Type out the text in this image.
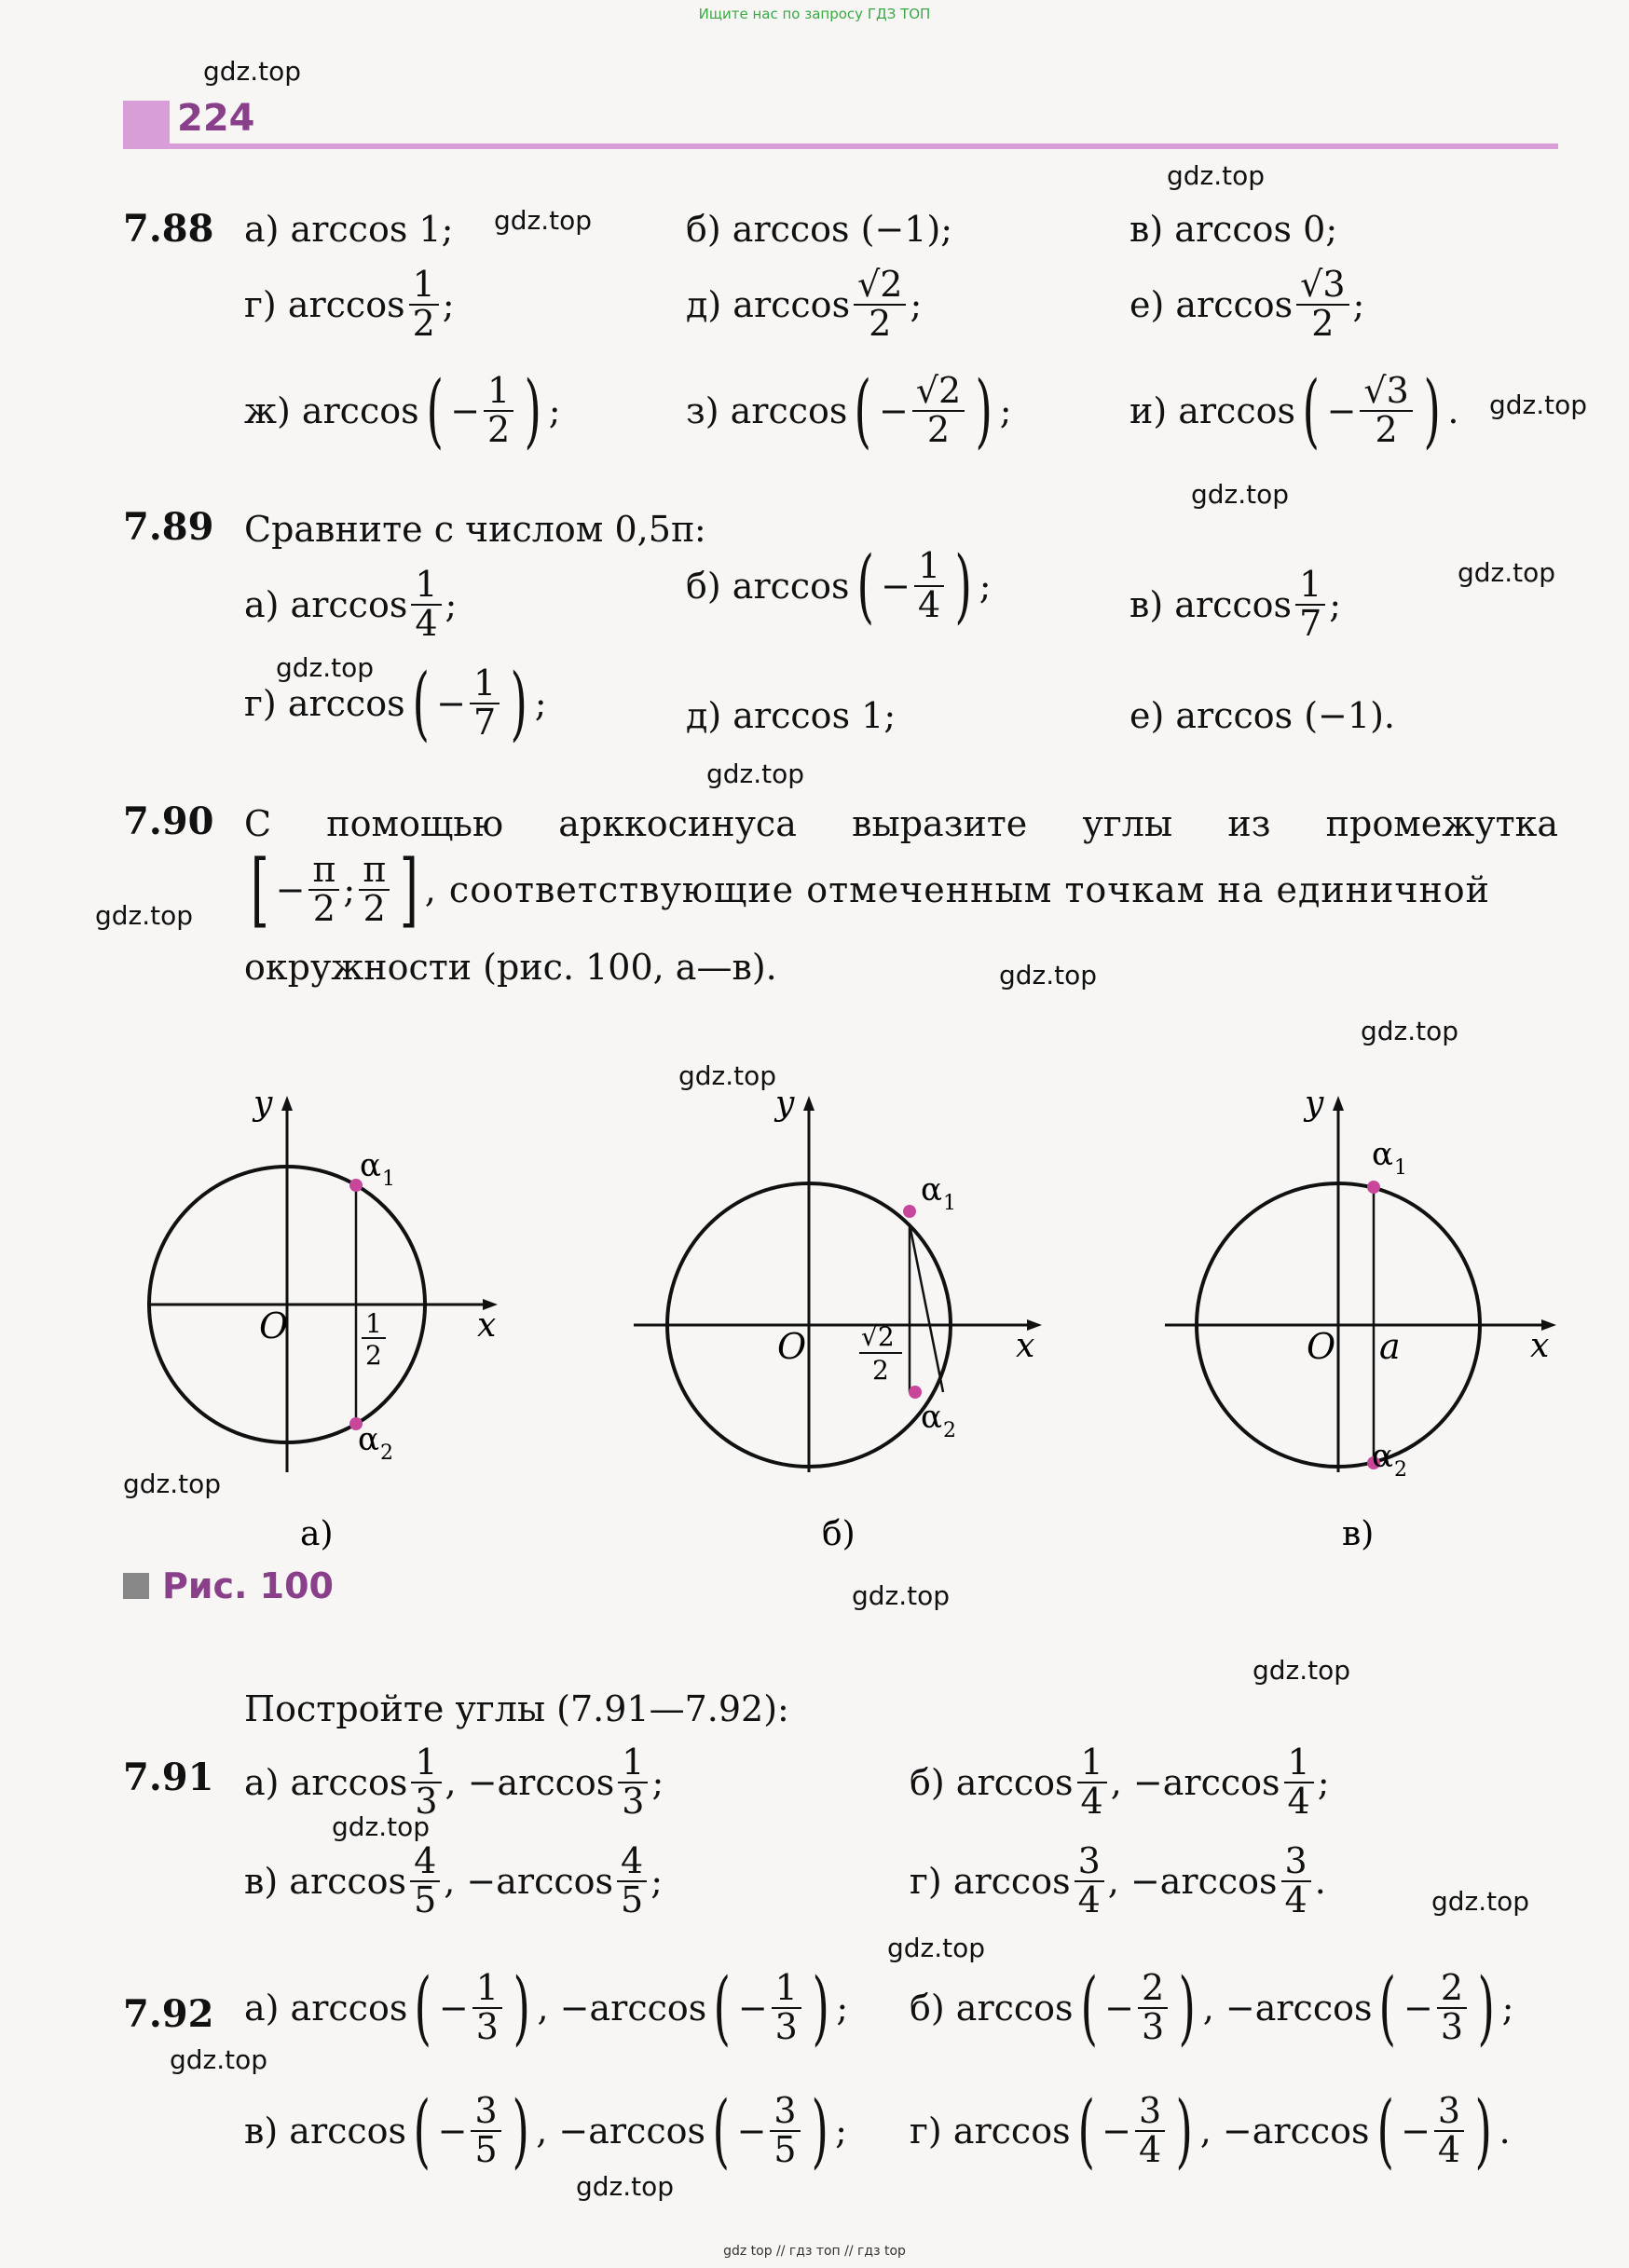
Ищите нас по запросу ГДЗ ТОП
gdz.top
gdz.top
gdz.top
gdz.top
gdz.top
gdz.top
gdz.top
gdz.top
gdz.top
gdz.top
gdz.top
gdz.top
gdz.top
gdz.top
gdz.top
gdz.top
gdz.top
gdz.top
gdz.top
gdz.top
224
7.88 а) arccos 1;	б) arccos (−1);	в) arccos 0;
г) $\arccos \frac{1}{2}$ ;	д) $\arccos \frac{√2}{2}$ ;	е) $\arccos \frac{√3}{2}$ ;
ж) arccos ( − $\frac{1}{2}$ ) ;	з) arccos ( − $\frac{√2}{2}$ ) ;	и) arccos ( − $\frac{√3}{2}$ ) .
7.89 Сравните с числом 0,5π:
а) $\arccos \frac{1}{4}$ ;	б) arccos ( − $\frac{1}{4}$ ) ;	в) $\arccos \frac{1}{7}$ ;
г) arccos ( − $\frac{1}{7}$ ) ;	д) arccos 1;	е) arccos (−1).
7.90 С помощью арккосинуса выразите углы из промежутка
[ − $\frac{\pi}{2}$ ; $\frac{\pi}{2}$ ] , соответствующие отмеченным точкам на единичной
окружности (рис. 100, а—в).
O	x
y
α 1
α 2
1
2
а)
O	x
y
α 1
α 2
√2
2
б)
O a	x
y
α 1
α 2
в)
Рис. 100
Постройте углы (7.91—7.92):
7.91 а) $\arccos \frac{1}{3}$ , $-\arccos \frac{1}{3}$ ;	б) $\arccos \frac{1}{4}$ , $-\arccos \frac{1}{4}$ ;
в) $\arccos \frac{4}{5}$ , $-\arccos \frac{4}{5}$ ;	г) $\arccos \frac{3}{4}$ , $-\arccos \frac{3}{4}$ .
7.92 а) arccos ( − $\frac{1}{3}$ ) , −arccos ( − $\frac{1}{3}$ ) ; б) arccos ( − $\frac{2}{3}$ ) , −arccos ( − $\frac{2}{3}$ ) ;
в) arccos ( − $\frac{3}{5}$ ) , −arccos ( − $\frac{3}{5}$ ) ; г) arccos ( − $\frac{3}{4}$ ) , −arccos ( − $\frac{3}{4}$ ) .
gdz top // гдз топ // гдз top
